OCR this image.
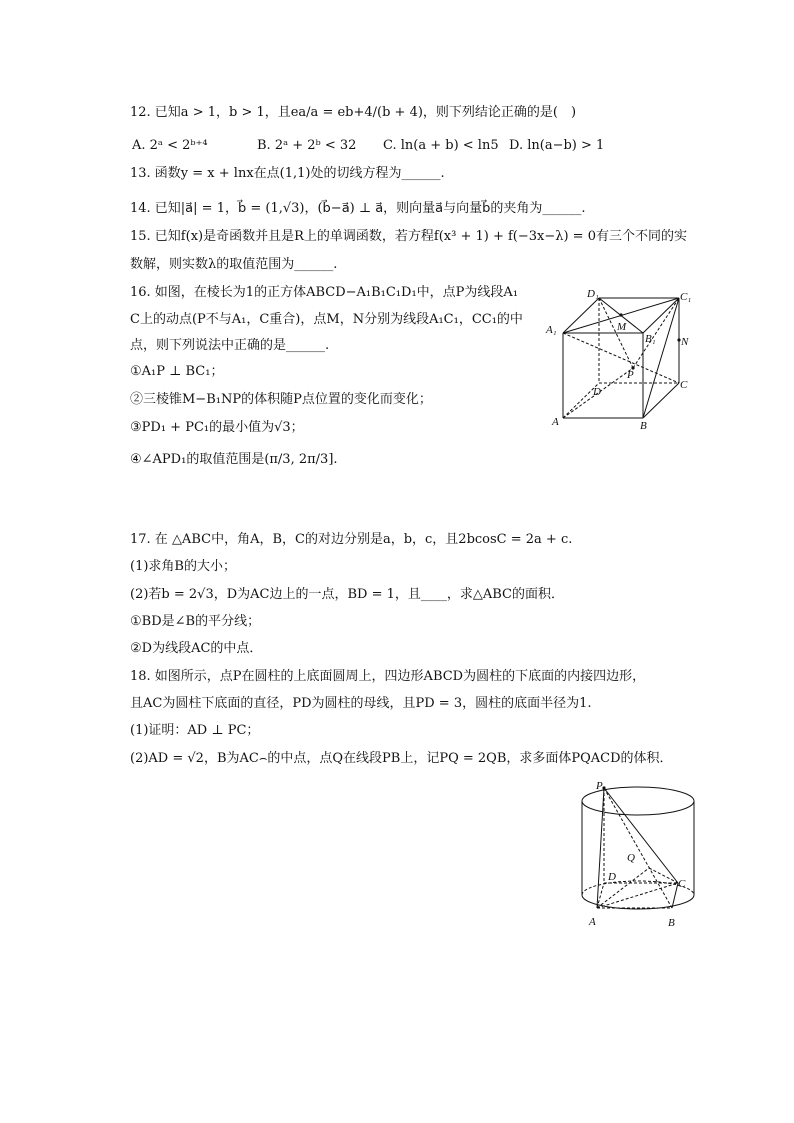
12. 已知a > 1，b > 1，且ea/a = eb+4/(b + 4)，则下列结论正确的是(　)
A. 2ᵃ < 2ᵇ⁺⁴	B. 2ᵃ + 2ᵇ < 32 C. ln(a + b) < ln5 D. ln(a−b) > 1
13. 函数y = x + lnx在点(1,1)处的切线方程为______.
14. 已知|a⃗| = 1，b⃗ = (1,√3)，(b⃗−a⃗) ⊥ a⃗，则向量a⃗与向量b⃗的夹角为______.
15. 已知f(x)是奇函数并且是R上的单调函数，若方程f(x³ + 1) + f(−3x−λ) = 0有三个不同的实
数解，则实数λ的取值范围为______.
16. 如图，在棱长为1的正方体ABCD−A₁B₁C₁D₁中，点P为线段A₁
C上的动点(P不与A₁，C重合)，点M，N分别为线段A₁C₁，CC₁的中
点，则下列说法中正确的是______.
①A₁P ⊥ BC₁；
②三棱锥M−B₁NP的体积随P点位置的变化而变化；
③PD₁ + PC₁的最小值为√3；
④∠APD₁的取值范围是(π/3, 2π/3].
D₁	C₁
A₁	M
B₁ N
P
D
C
A	B
17. 在 △ABC中，角A，B，C的对边分别是a，b，c，且2bcosC = 2a + c.
(1)求角B的大小；
(2)若b = 2√3，D为AC边上的一点，BD = 1，且____，求△ABC的面积．
①BD是∠B的平分线；
②D为线段AC的中点．
18. 如图所示，点P在圆柱的上底面圆周上，四边形ABCD为圆柱的下底面的内接四边形，
且AC为圆柱下底面的直径，PD为圆柱的母线，且PD = 3，圆柱的底面半径为1.
(1)证明：AD ⊥ PC；
(2)AD = √2，B为AC⌢的中点，点Q在线段PB上，记PQ = 2QB，求多面体PQACD的体积．
P
Q
D
C
A	B
